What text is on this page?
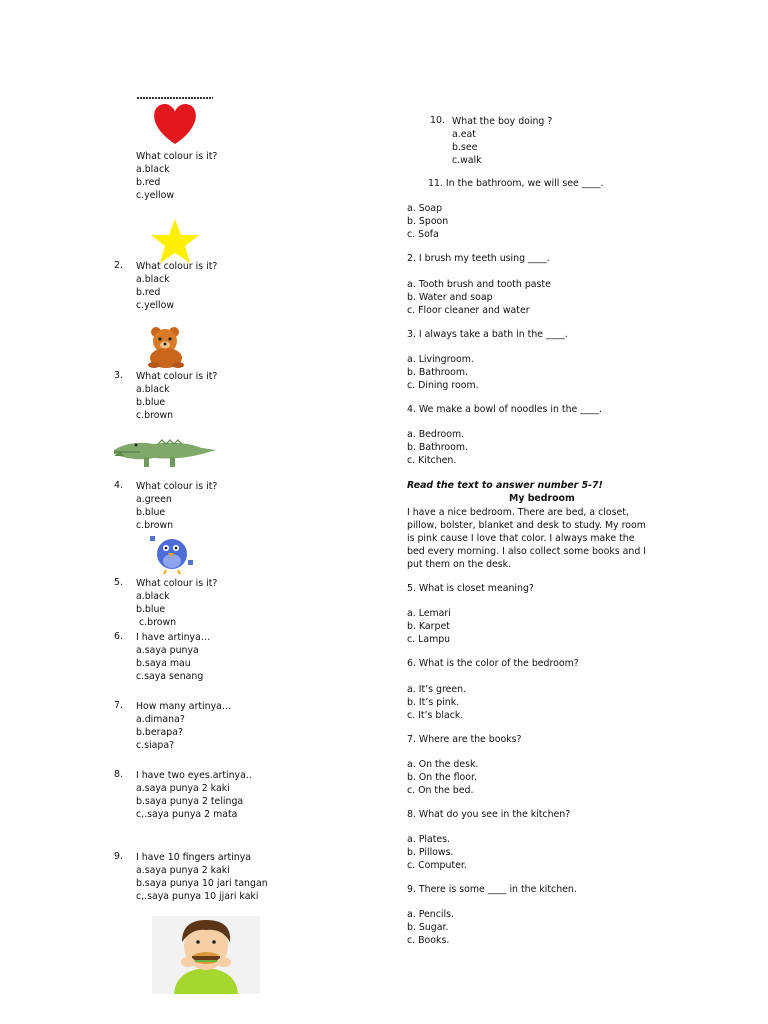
What colour is it?
a.black
b.red
c.yellow
2. What colour is it?
a.black
b.red
c.yellow
3. What colour is it?
a.black
b.blue
c.brown
4. What colour is it?
a.green
b.blue
c.brown
5. What colour is it?
a.black
b.blue
c.brown
6. I have artinya…
a.saya punya
b.saya mau
c.saya senang
7. How many artinya…
a.dimana?
b.berapa?
c.siapa?
8. I have two eyes.artinya..
a.saya punya 2 kaki
b.saya punya 2 telinga
c,.saya punya 2 mata
9. I have 10 fingers artinya
a.saya punya 2 kaki
b.saya punya 10 jari tangan
c,.saya punya 10 jjari kaki
10. What the boy doing ?
a.eat
b.see
c.walk
11. In the bathroom, we will see ____.
a. Soap
b. Spoon
c. Sofa
2. I brush my teeth using ____.
a. Tooth brush and tooth paste
b. Water and soap
c. Floor cleaner and water
3. I always take a bath in the ____.
a. Livingroom.
b. Bathroom.
c. Dining room.
4. We make a bowl of noodles in the ____.
a. Bedroom.
b. Bathroom.
c. Kitchen.
Read the text to answer number 5-7!
My bedroom
I have a nice bedroom. There are bed, a closet,
pillow, bolster, blanket and desk to study. My room
is pink cause I love that color. I always make the
bed every morning. I also collect some books and I
put them on the desk.
5. What is closet meaning?
a. Lemari
b. Karpet
c. Lampu
6. What is the color of the bedroom?
a. It’s green.
b. It’s pink.
c. It’s black.
7. Where are the books?
a. On the desk.
b. On the floor.
c. On the bed.
8. What do you see in the kitchen?
a. Plates.
b. Pillows.
c. Computer.
9. There is some ____ in the kitchen.
a. Pencils.
b. Sugar.
c. Books.
